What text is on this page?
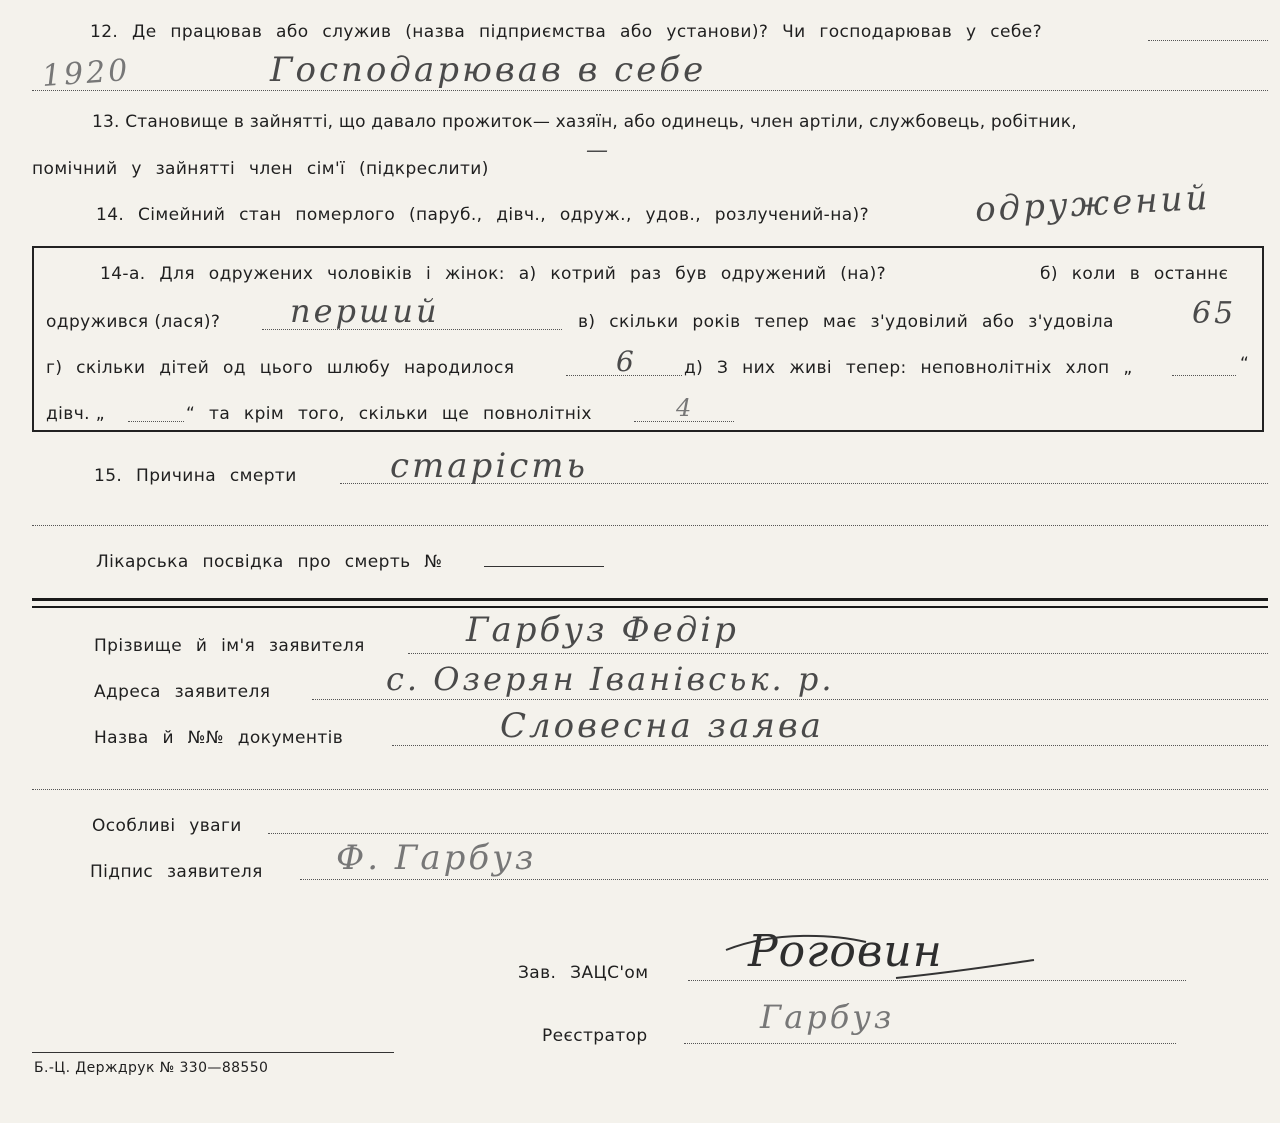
12. Де працював або служив (назва підприємства або установи)? Чи господарював у себе?
1920	Господарював в себе
13. Становище в зайнятті, що давало прожиток— хазяїн, або одинець, член артіли, службовець, робітник,
помічний у зайнятті член сім'ї (підкреслити)
—
14. Сімейний стан померлого (паруб., дівч., одруж., удов., розлучений-на)?	одружений
14-а. Для одружених чоловіків і жінок: а) котрий раз був одружений (на)?	б) коли в останнє
одружився (лася)? перший	в) скільки років тепер має з'удовілий або з'удовіла	65
г) скільки дітей од цього шлюбу народилося	6	д) З них живі тепер: неповнолітніх хлоп „	“
дівч. „	“ та крім того, скільки ще повнолітніх	4
15. Причина смерти	старість
Лікарська посвідка про смерть №
Прізвище й ім'я заявителя	Гарбуз Федір
Адреса заявителя	с. Озерян Іванівськ. р.
Назва й №№ документів	Словесна заява
Особливі уваги
Підпис заявителя Ф. Гарбуз
Зав. ЗАЦС'ом Роговин
Реєстратор	Гарбуз
Б.-Ц. Держдрук № 330—88550
